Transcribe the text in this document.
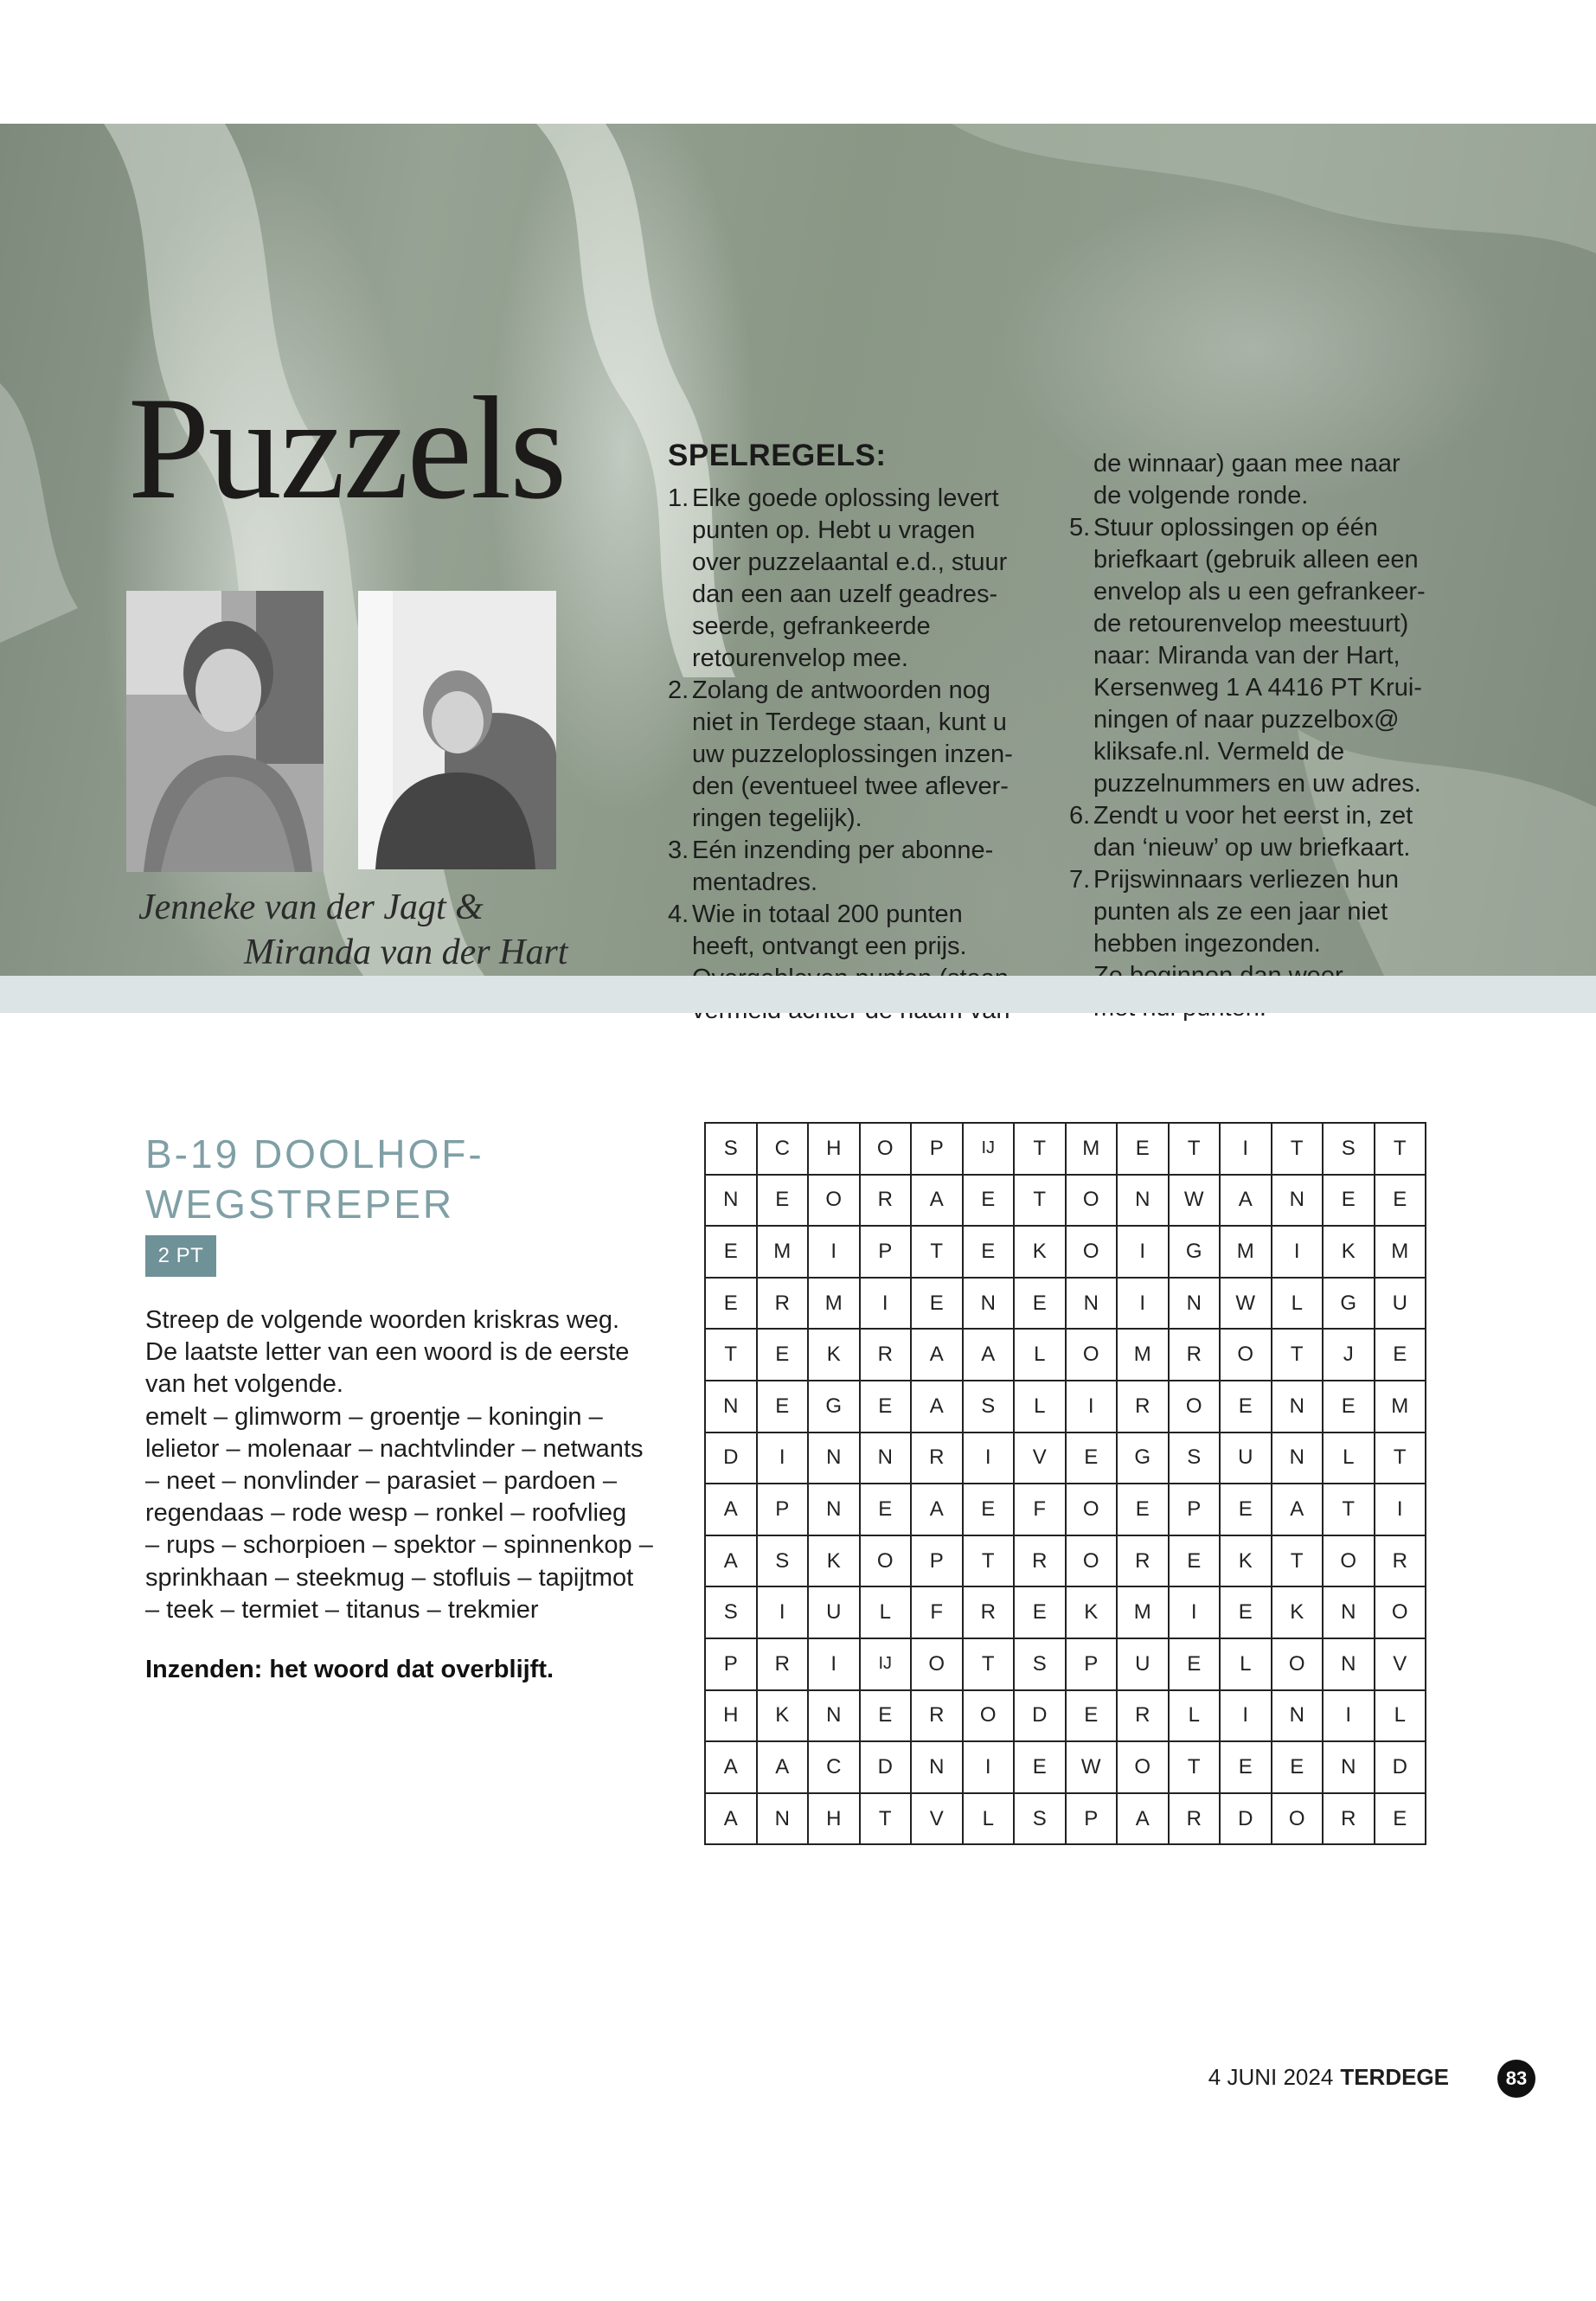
Puzzels

Jenneke van der Jagt &
Miranda van der Hart

SPELREGELS:
1. Elke goede oplossing levert
punten op. Hebt u vragen
over puzzelaantal e.d., stuur
dan een aan uzelf geadres-
seerde, gefrankeerde
retourenvelop mee.
2. Zolang de antwoorden nog
niet in Terdege staan, kunt u
uw puzzeloplossingen inzen-
den (eventueel twee aflever-
ringen tegelijk).
3. Eén inzending per abonne-
mentadres.
4. Wie in totaal 200 punten
heeft, ontvangt een prijs.

de winnaar) gaan mee naar
de volgende ronde.
5. Stuur oplossingen op één
briefkaart (gebruik alleen een
envelop als u een gefrankeer-
de retourenvelop meestuurt)
naar: Miranda van der Hart,
Kersenweg 1 A 4416 PT Krui-
ningen of naar puzzelbox@
kliksafe.nl. Vermeld de
puzzelnummers en uw adres.
6. Zendt u voor het eerst in, zet
dan ‘nieuw’ op uw briefkaart.
7. Prijswinnaars verliezen hun
punten als ze een jaar niet
hebben ingezonden.

B-19 DOOLHOF-
WEGSTREPER
2 PT

Streep de volgende woorden kriskras weg.
De laatste letter van een woord is de eerste
van het volgende.
emelt – glimworm – groentje – koningin –
lelietor – molenaar – nachtvlinder – netwants
– neet – nonvlinder – parasiet – pardoen –
regendaas – rode wesp – ronkel – roofvlieg
– rups – schorpioen – spektor – spinnenkop –
sprinkhaan – steekmug – stofluis – tapijtmot
– teek – termiet – titanus – trekmier

Inzenden: het woord dat overblijft.

S	C	H	O	P	IJ	T	M	E	T	I	T	S	T
N	E	O	R	A	E	T	O	N	W	A	N	E	E
E	M	I	P	T	E	K	O	I	G	M	I	K	M
E	R	M	I	E	N	E	N	I	N	W	L	G	U
T	E	K	R	A	A	L	O	M	R	O	T	J	E
N	E	G	E	A	S	L	I	R	O	E	N	E	M
D	I	N	N	R	I	V	E	G	S	U	N	L	T
A	P	N	E	A	E	F	O	E	P	E	A	T	I
A	S	K	O	P	T	R	O	R	E	K	T	O	R
S	I	U	L	F	R	E	K	M	I	E	K	N	O
P	R	I	IJ	O	T	S	P	U	E	L	O	N	V
H	K	N	E	R	O	D	E	R	L	I	N	I	L
A	A	C	D	N	I	E	W	O	T	E	E	N	D
A	N	H	T	V	L	S	P	A	R	D	O	R	E
4 JUNI 2024 TERDEGE	83
